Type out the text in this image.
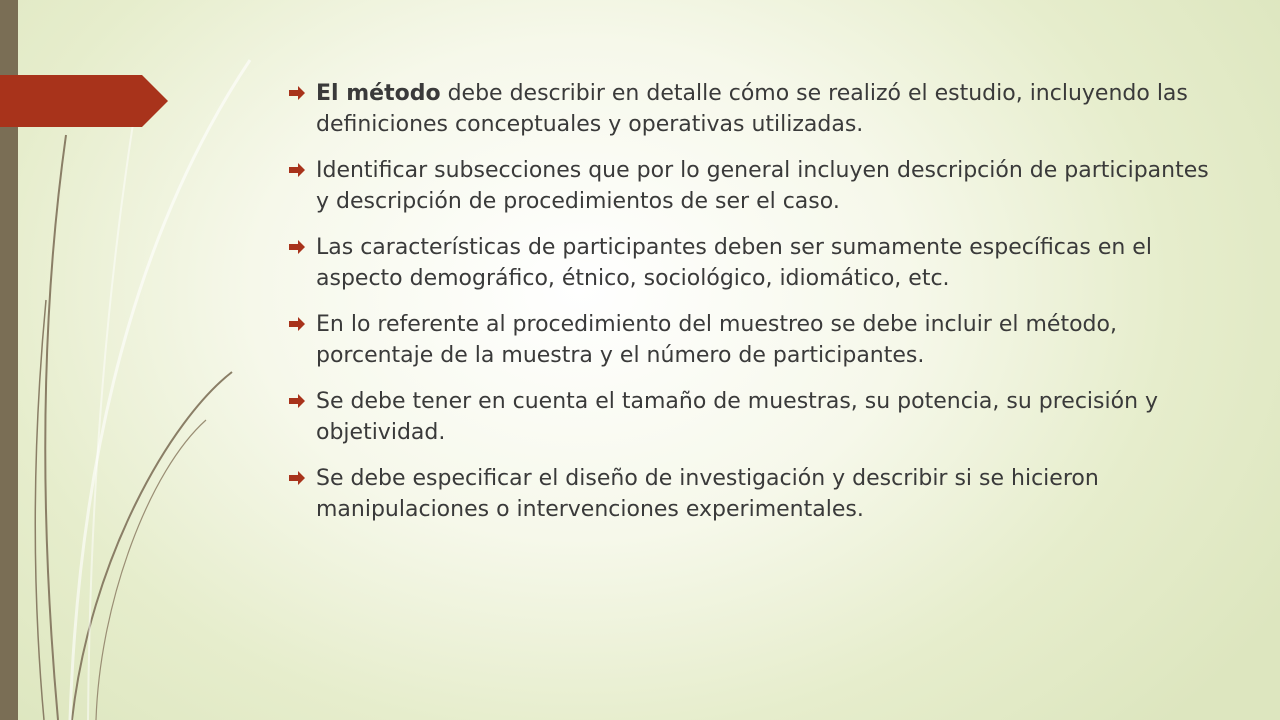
El método debe describir en detalle cómo se realizó el estudio, incluyendo las definiciones conceptuales y operativas utilizadas.
Identificar subsecciones que por lo general incluyen descripción de participantes y descripción de procedimientos de ser el caso.
Las características de participantes deben ser sumamente específicas en el aspecto demográfico, étnico, sociológico, idiomático, etc.
En lo referente al procedimiento del muestreo se debe incluir el método, porcentaje de la muestra y el número de participantes.
Se debe tener en cuenta el tamaño de muestras, su potencia, su precisión y objetividad.
Se debe especificar el diseño de investigación y describir si se hicieron manipulaciones o intervenciones experimentales.
